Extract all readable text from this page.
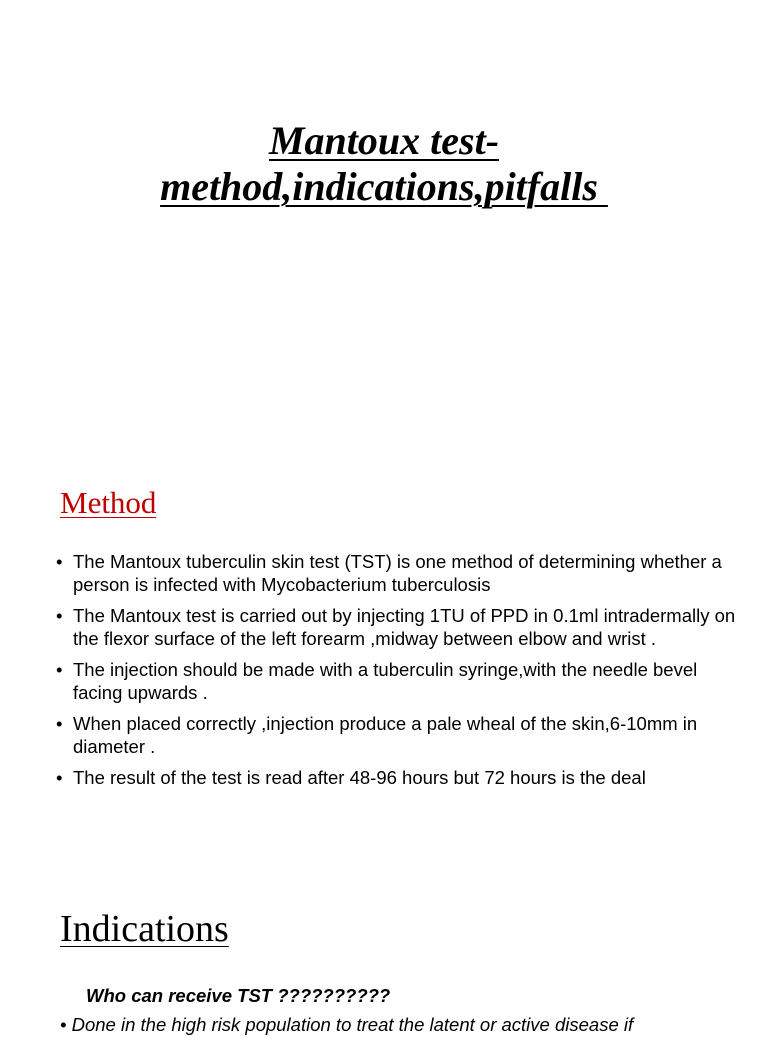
Mantoux test-
method,indications,pitfalls
Method
• The Mantoux tuberculin skin test (TST) is one method of determining whether a person is infected with Mycobacterium tuberculosis
• The Mantoux test is carried out by injecting 1TU of PPD in 0.1ml intradermally on the flexor surface of the left forearm ,midway between elbow and wrist .
• The injection should be made with a tuberculin syringe,with the needle bevel facing upwards .
• When placed correctly ,injection produce a pale wheal of the skin,6-10mm in diameter .
• The result of the test is read after 48-96 hours but 72 hours is the deal
Indications

Who can receive TST ??????????

• Done in the high risk population to treat the latent or active disease if
